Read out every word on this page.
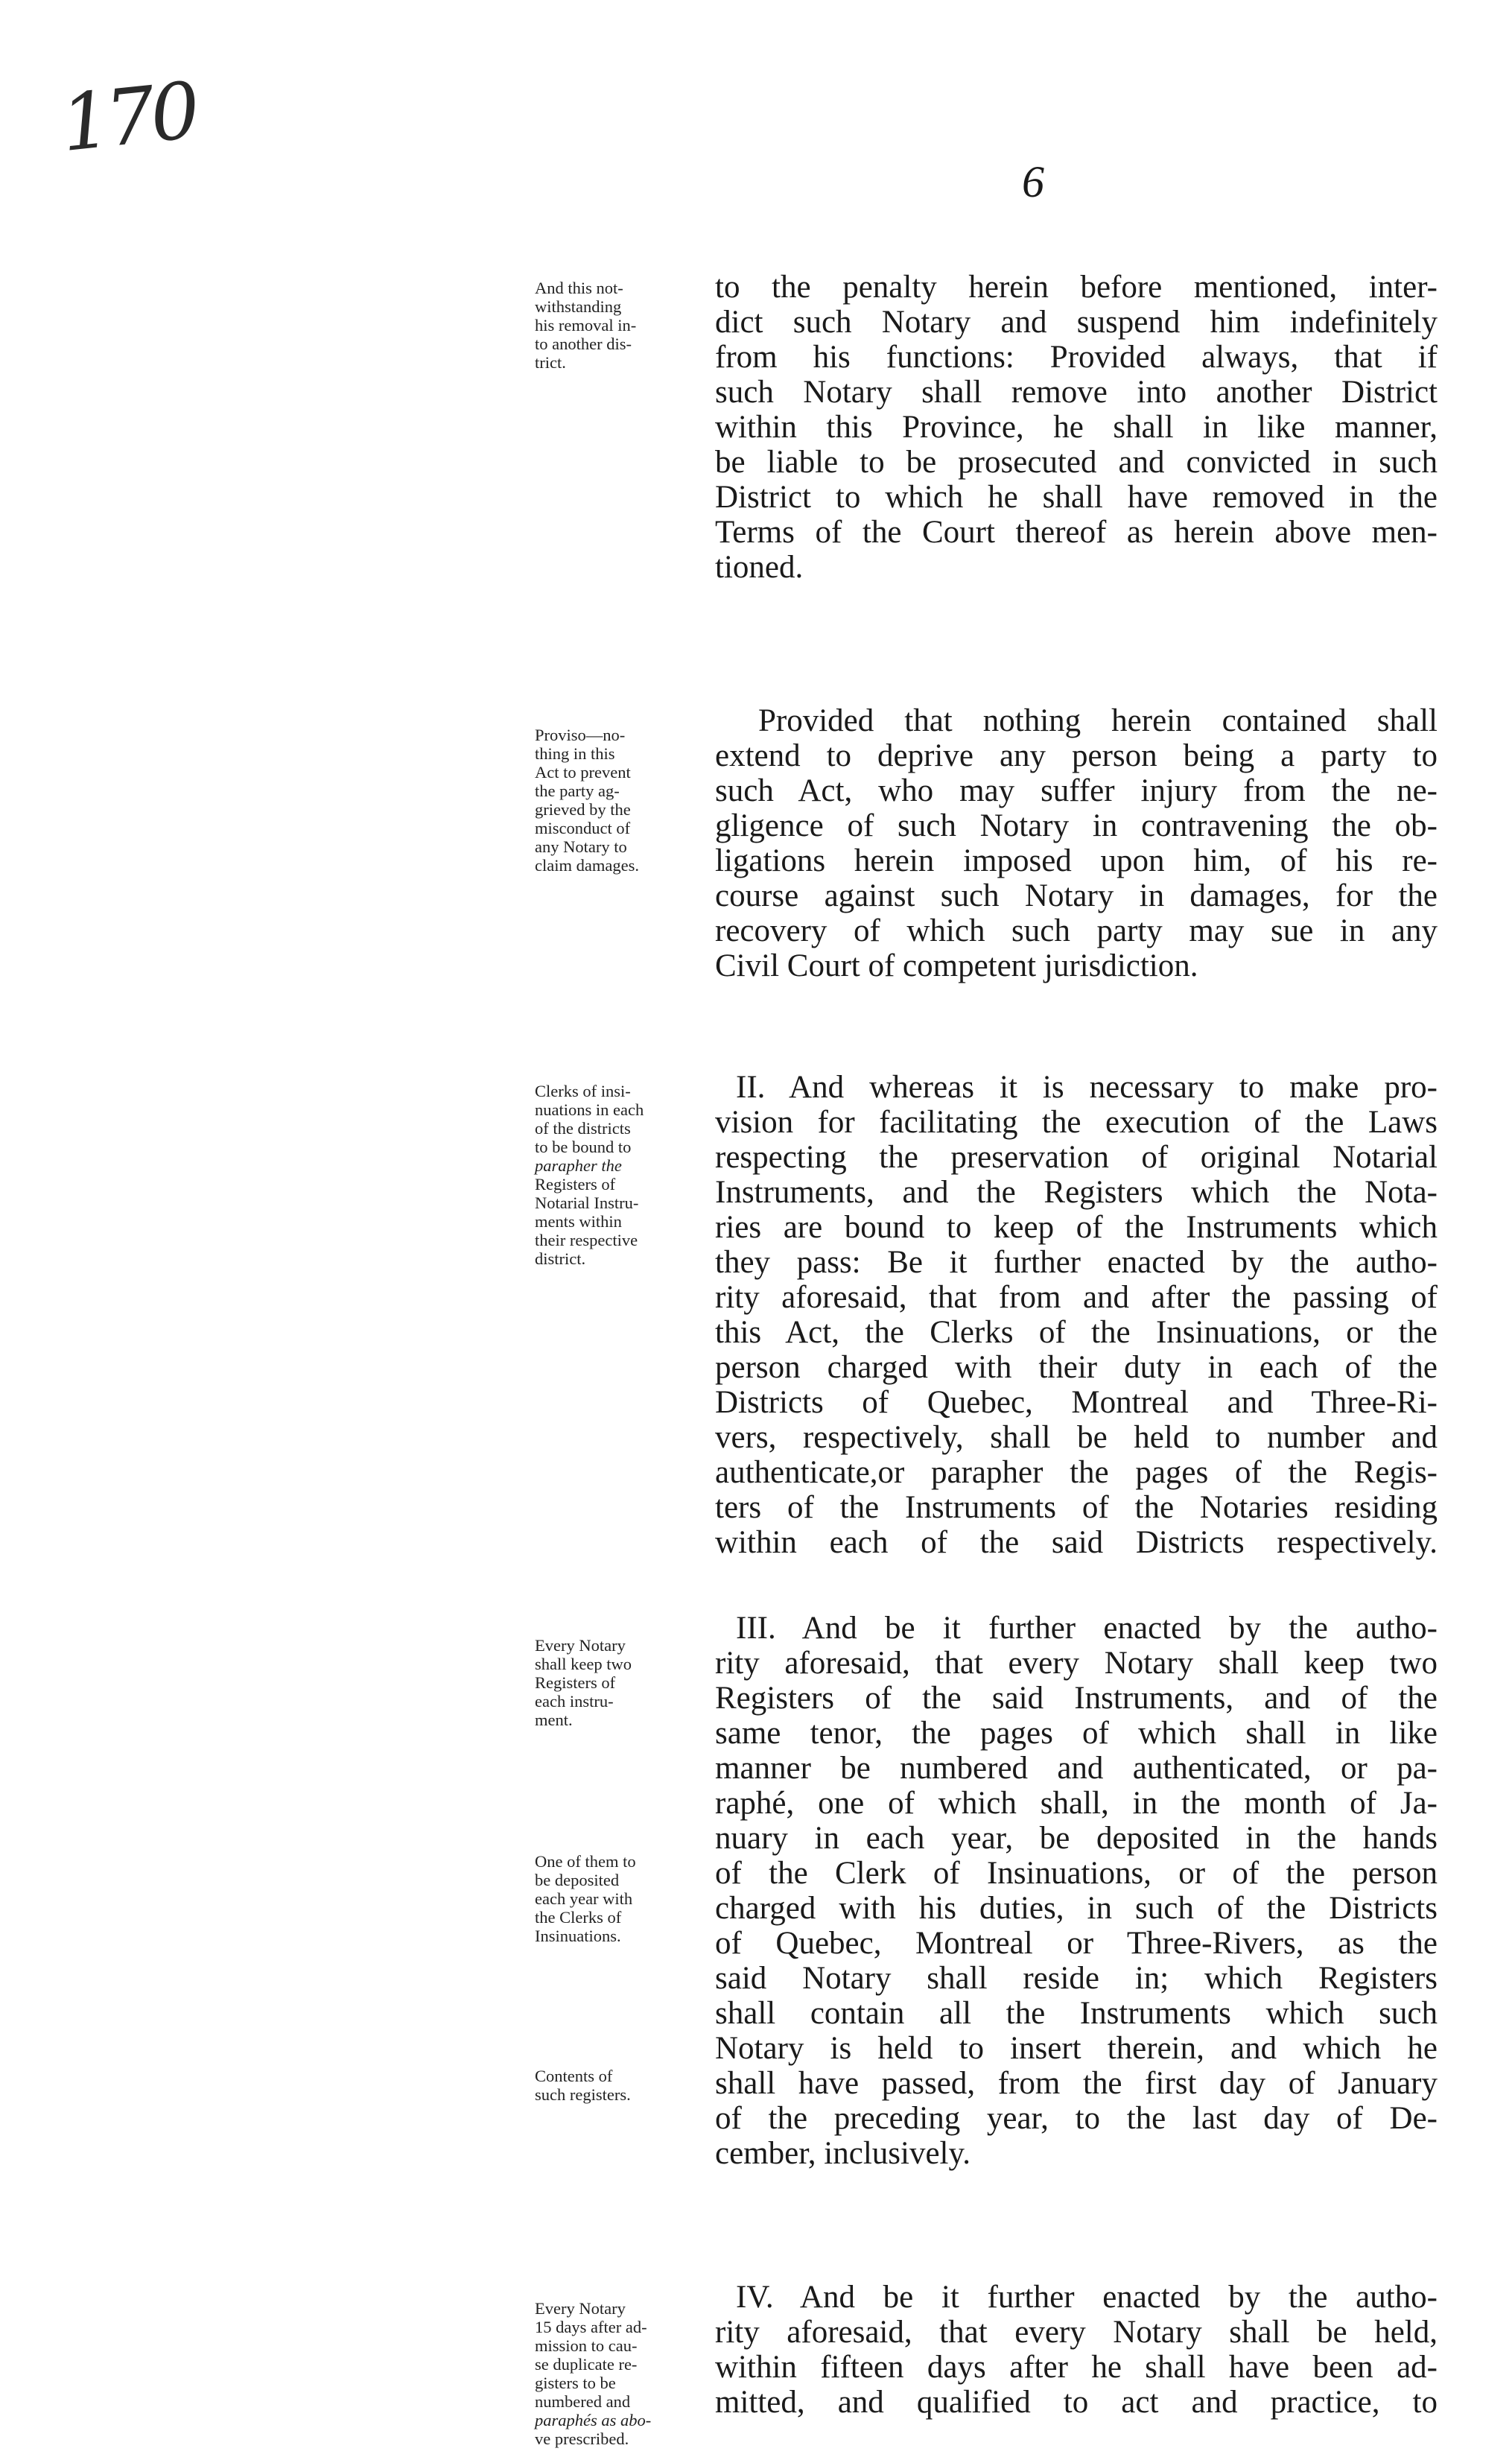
170
6
And this not-
withstanding
his removal in-
to another dis-
trict.
Proviso—no-
thing in this
Act to prevent
the party ag-
grieved by the
misconduct of
any Notary to
claim damages.
Clerks of insi-
nuations in each
of the districts
to be bound to
parapher the
Registers of
Notarial Instru-
ments within
their respective
district.
Every Notary
shall keep two
Registers of
each instru-
ment.
One of them to
be deposited
each year with
the Clerks of
Insinuations.
Contents of
such registers.
Every Notary
15 days after ad-
mission to cau-
se duplicate re-
gisters to be
numbered and
paraphés as abo-
ve prescribed.
to the penalty herein before mentioned, inter-
dict such Notary and suspend him indefinitely
from his functions: Provided always, that if
such Notary shall remove into another District
within this Province, he shall in like manner,
be liable to be prosecuted and convicted in such
District to which he shall have removed in the
Terms of the Court thereof as herein above men-
tioned.
Provided that nothing herein contained shall
extend to deprive any person being a party to
such Act, who may suffer injury from the ne-
gligence of such Notary in contravening the ob-
ligations herein imposed upon him, of his re-
course against such Notary in damages, for the
recovery of which such party may sue in any
Civil Court of competent jurisdiction.
II. And whereas it is necessary to make pro-
vision for facilitating the execution of the Laws
respecting the preservation of original Notarial
Instruments, and the Registers which the Nota-
ries are bound to keep of the Instruments which
they pass: Be it further enacted by the autho-
rity aforesaid, that from and after the passing of
this Act, the Clerks of the Insinuations, or the
person charged with their duty in each of the
Districts of Quebec, Montreal and Three-Ri-
vers, respectively, shall be held to number and
authenticate,or parapher the pages of the Regis-
ters of the Instruments of the Notaries residing
within each of the said Districts respectively.
III. And be it further enacted by the autho-
rity aforesaid, that every Notary shall keep two
Registers of the said Instruments, and of the
same tenor, the pages of which shall in like
manner be numbered and authenticated, or pa-
raphé, one of which shall, in the month of Ja-
nuary in each year, be deposited in the hands
of the Clerk of Insinuations, or of the person
charged with his duties, in such of the Districts
of Quebec, Montreal or Three-Rivers, as the
said Notary shall reside in; which Registers
shall contain all the Instruments which such
Notary is held to insert therein, and which he
shall have passed, from the first day of January
of the preceding year, to the last day of De-
cember, inclusively.
IV. And be it further enacted by the autho-
rity aforesaid, that every Notary shall be held,
within fifteen days after he shall have been ad-
mitted, and qualified to act and practice, to
